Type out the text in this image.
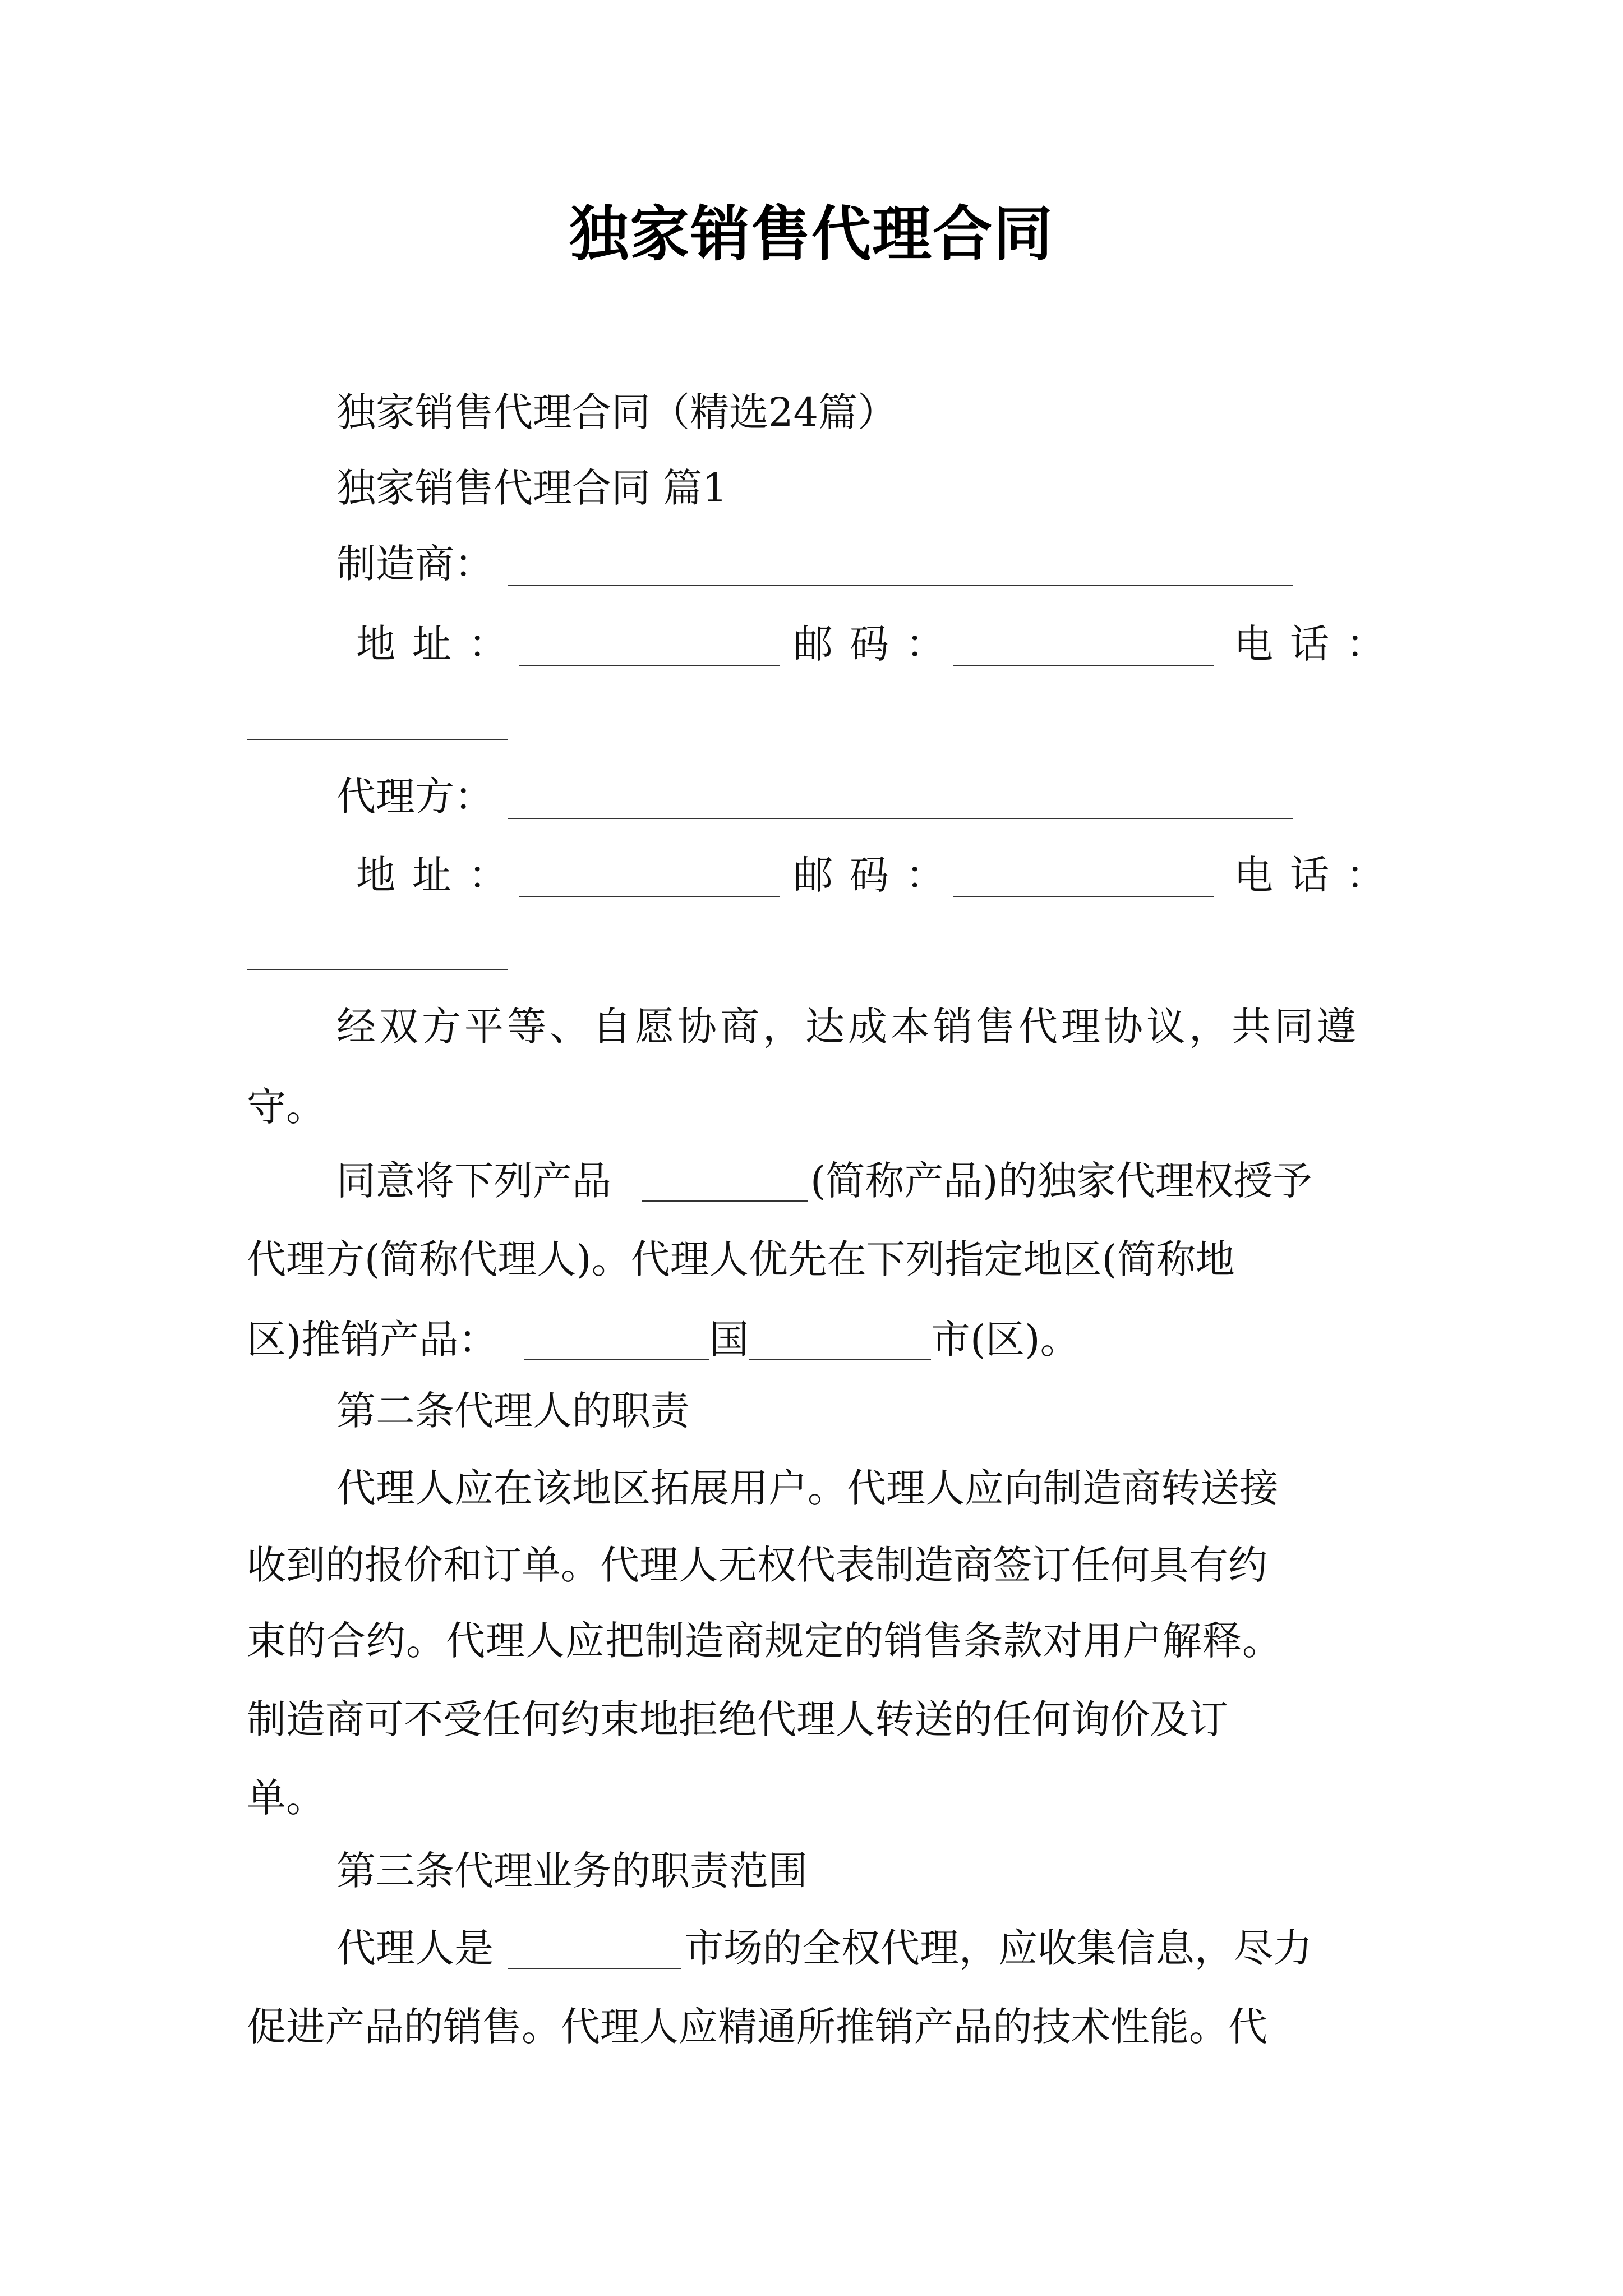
独家销售代理合同
独家销售代理合同（精选24篇）
独家销售代理合同 篇1
制造商：
地址：	邮码：	电话：
代理方：
地址：	邮码：	电话：
经双方平等、自愿协商，达成本销售代理协议，共同遵
守。
同意将下列产品	(简称产品)的独家代理权授予
代理方(简称代理人)。代理人优先在下列指定地区(简称地
区)推销产品：	国	市(区)。
第二条代理人的职责
代理人应在该地区拓展用户。代理人应向制造商转送接
收到的报价和订单。代理人无权代表制造商签订任何具有约
束的合约。代理人应把制造商规定的销售条款对用户解释。
制造商可不受任何约束地拒绝代理人转送的任何询价及订
单。
第三条代理业务的职责范围
代理人是	市场的全权代理，应收集信息，尽力
促进产品的销售。代理人应精通所推销产品的技术性能。代
